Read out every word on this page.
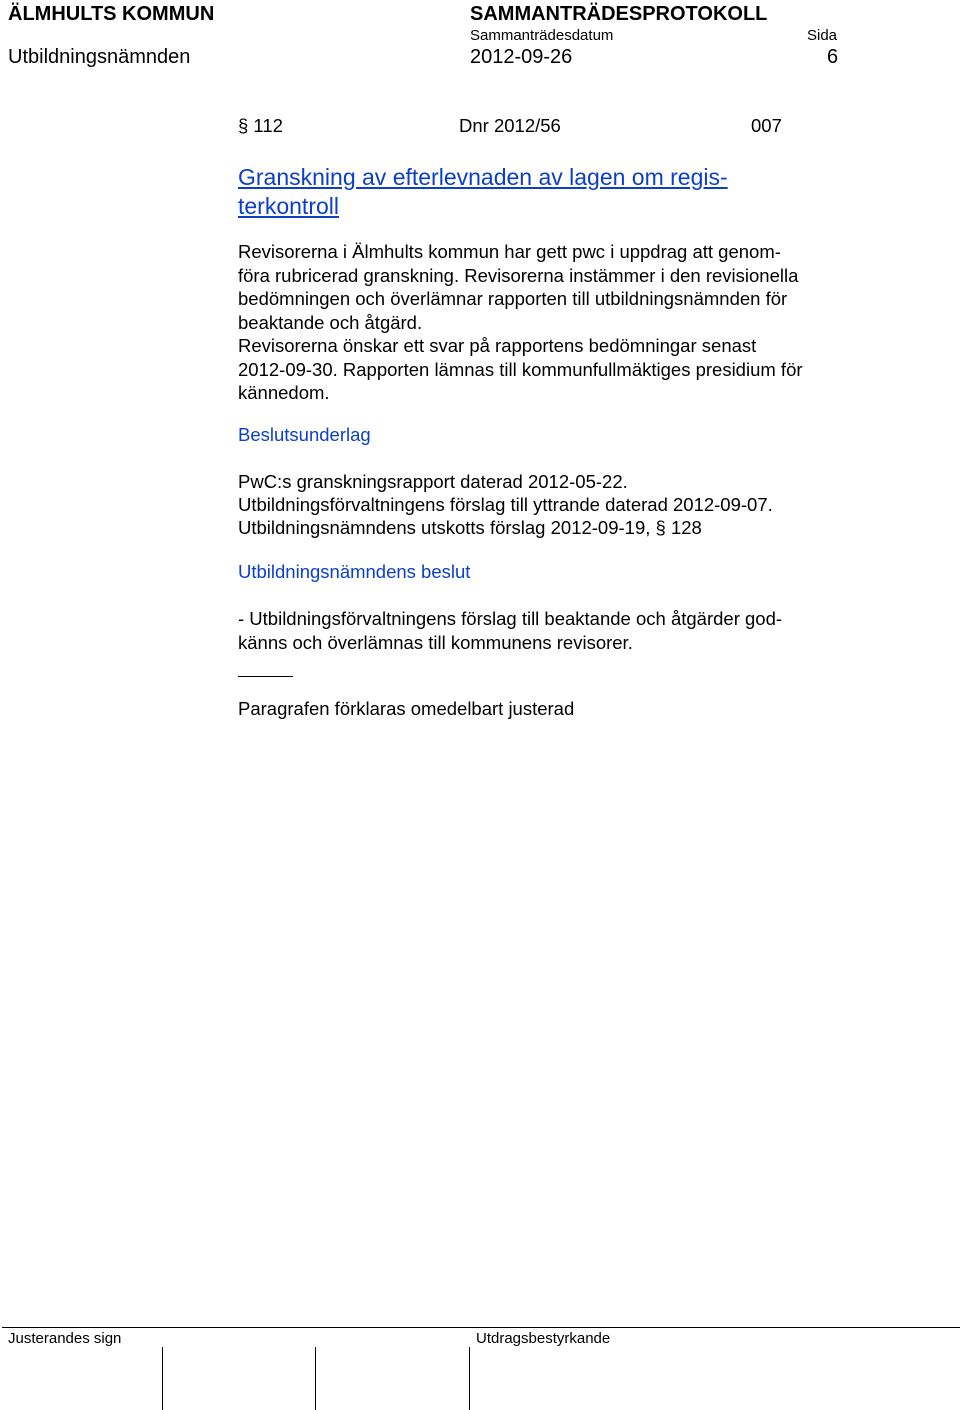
ÄLMHULTS KOMMUN	SAMMANTRÄDESPROTOKOLL
Sammanträdesdatum	Sida
Utbildningsnämnden	2012-09-26	6
§ 112	Dnr 2012/56	007
Granskning av efterlevnaden av lagen om regis-
terkontroll
Revisorerna i Älmhults kommun har gett pwc i uppdrag att genom-
föra rubricerad granskning. Revisorerna instämmer i den revisionella
bedömningen och överlämnar rapporten till utbildningsnämnden för
beaktande och åtgärd.
Revisorerna önskar ett svar på rapportens bedömningar senast
2012-09-30. Rapporten lämnas till kommunfullmäktiges presidium för
kännedom.
Beslutsunderlag
PwC:s granskningsrapport daterad 2012-05-22.
Utbildningsförvaltningens förslag till yttrande daterad 2012-09-07.
Utbildningsnämndens utskotts förslag 2012-09-19, § 128
Utbildningsnämndens beslut
- Utbildningsförvaltningens förslag till beaktande och åtgärder god-
känns och överlämnas till kommunens revisorer.
Paragrafen förklaras omedelbart justerad
Justerandes sign	Utdragsbestyrkande
